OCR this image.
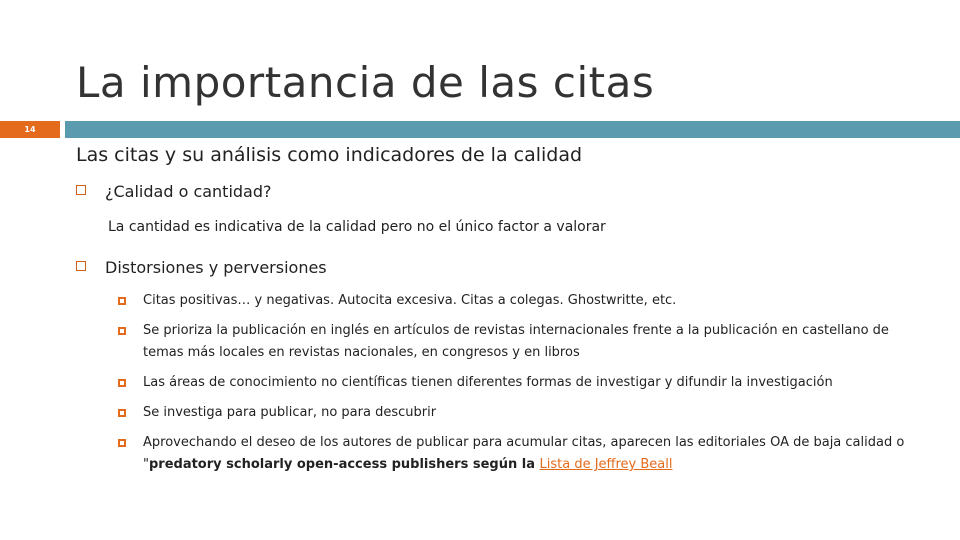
La importancia de las citas
14
Las citas y su análisis como indicadores de la calidad
¿Calidad o cantidad?
La cantidad es indicativa de la calidad pero no el único factor a valorar
Distorsiones y perversiones
Citas positivas… y negativas. Autocita excesiva. Citas a colegas. Ghostwritte, etc.
Se prioriza la publicación en inglés en artículos de revistas internacionales frente a la publicación en castellano de temas más locales en revistas nacionales, en congresos y en libros
Las áreas de conocimiento no científicas tienen diferentes formas de investigar y difundir la investigación
Se investiga para publicar, no para descubrir
Aprovechando el deseo de los autores de publicar para acumular citas, aparecen las editoriales OA de baja calidad o "predatory scholarly open-access publishers según la Lista de Jeffrey Beall
